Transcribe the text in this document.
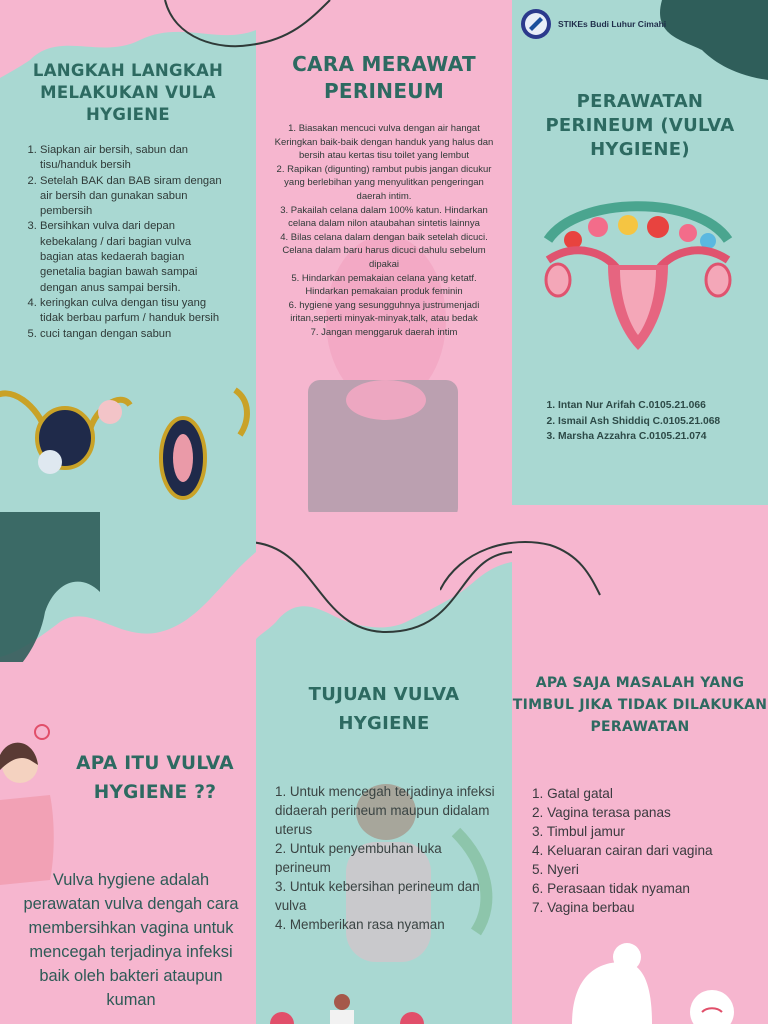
LANGKAH LANGKAH
MELAKUKAN VULA
HYGIENE
1. Siapkan air bersih, sabun dan tisu/handuk bersih
2. Setelah BAK dan BAB siram dengan air bersih dan gunakan sabun pembersih
3. Bersihkan vulva dari depan kebekalang / dari bagian vulva bagian atas kedaerah bagian genetalia bagian bawah sampai dengan anus sampai bersih.
4. keringkan culva dengan tisu yang tidak berbau parfum / handuk bersih
5. cuci tangan dengan sabun
CARA MERAWAT
PERINEUM
1. Biasakan mencuci vulva dengan air hangat Keringkan baik-baik dengan handuk yang halus dan bersih atau kertas tisu toilet yang lembut
2. Rapikan (digunting) rambut pubis jangan dicukur yang berlebihan yang menyulitkan pengeringan daerah intim.
3. Pakailah celana dalam 100% katun. Hindarkan celana dalam nilon ataubahan sintetis lainnya
4. Bilas celana dalam dengan baik setelah dicuci. Celana dalam baru harus dicuci dahulu sebelum dipakai
5. Hindarkan pemakaian celana yang ketatf. Hindarkan pemakaian produk feminin
6. hygiene yang sesungguhnya justrumenjadi iritan,seperti minyak-minyak,talk, atau bedak
7. Jangan menggaruk daerah intim
STIKEs Budi Luhur Cimahi
PERAWATAN
PERINEUM (VULVA
HYGIENE)
1. Intan Nur Arifah C.0105.21.066
2. Ismail Ash Shiddiq C.0105.21.068
3. Marsha Azzahra C.0105.21.074
APA ITU VULVA
HYGIENE ??
Vulva hygiene adalah perawatan vulva dengah cara membersihkan vagina untuk mencegah terjadinya infeksi baik oleh bakteri ataupun kuman
TUJUAN VULVA
HYGIENE
1. Untuk mencegah terjadinya infeksi didaerah perineum maupun didalam uterus
2. Untuk penyembuhan luka perineum
3. Untuk kebersihan perineum dan vulva
4. Memberikan rasa nyaman
APA SAJA MASALAH YANG
TIMBUL JIKA TIDAK DILAKUKAN
PERAWATAN
1. Gatal gatal
2. Vagina terasa panas
3. Timbul jamur
4. Keluaran cairan dari vagina
5. Nyeri
6. Perasaan tidak nyaman
7. Vagina berbau
